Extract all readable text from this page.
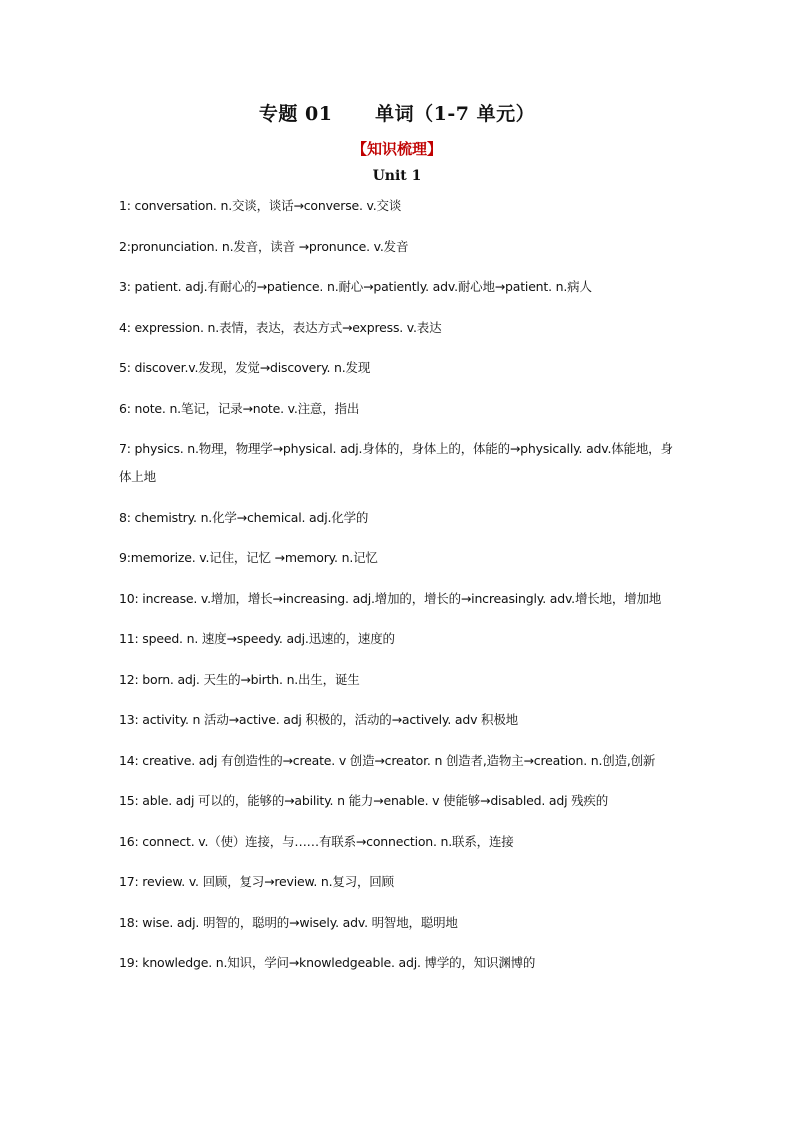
专题 01      单词（1-7 单元）
【知识梳理】
Unit 1
1: conversation. n.交谈，谈话→converse. v.交谈
2:pronunciation. n.发音，读音 →pronunce. v.发音
3: patient. adj.有耐心的→patience. n.耐心→patiently. adv.耐心地→patient. n.病人
4: expression. n.表情，表达，表达方式→express. v.表达
5: discover.v.发现，发觉→discovery. n.发现
6: note. n.笔记，记录→note. v.注意，指出
7: physics. n.物理，物理学→physical. adj.身体的，身体上的，体能的→physically. adv.体能地，身体上地
8: chemistry. n.化学→chemical. adj.化学的
9:memorize. v.记住，记忆 →memory. n.记忆
10: increase. v.增加，增长→increasing. adj.增加的，增长的→increasingly. adv.增长地，增加地
11: speed. n. 速度→speedy. adj.迅速的，速度的
12: born. adj. 天生的→birth. n.出生，诞生
13: activity. n 活动→active. adj 积极的，活动的→actively. adv 积极地
14: creative. adj 有创造性的→create. v 创造→creator. n 创造者,造物主→creation. n.创造,创新
15: able. adj 可以的，能够的→ability. n 能力→enable. v 使能够→disabled. adj 残疾的
16: connect. v.（使）连接，与……有联系→connection. n.联系，连接
17: review. v. 回顾，复习→review. n.复习，回顾
18: wise. adj. 明智的，聪明的→wisely. adv. 明智地，聪明地
19: knowledge. n.知识，学问→knowledgeable. adj. 博学的，知识渊博的
